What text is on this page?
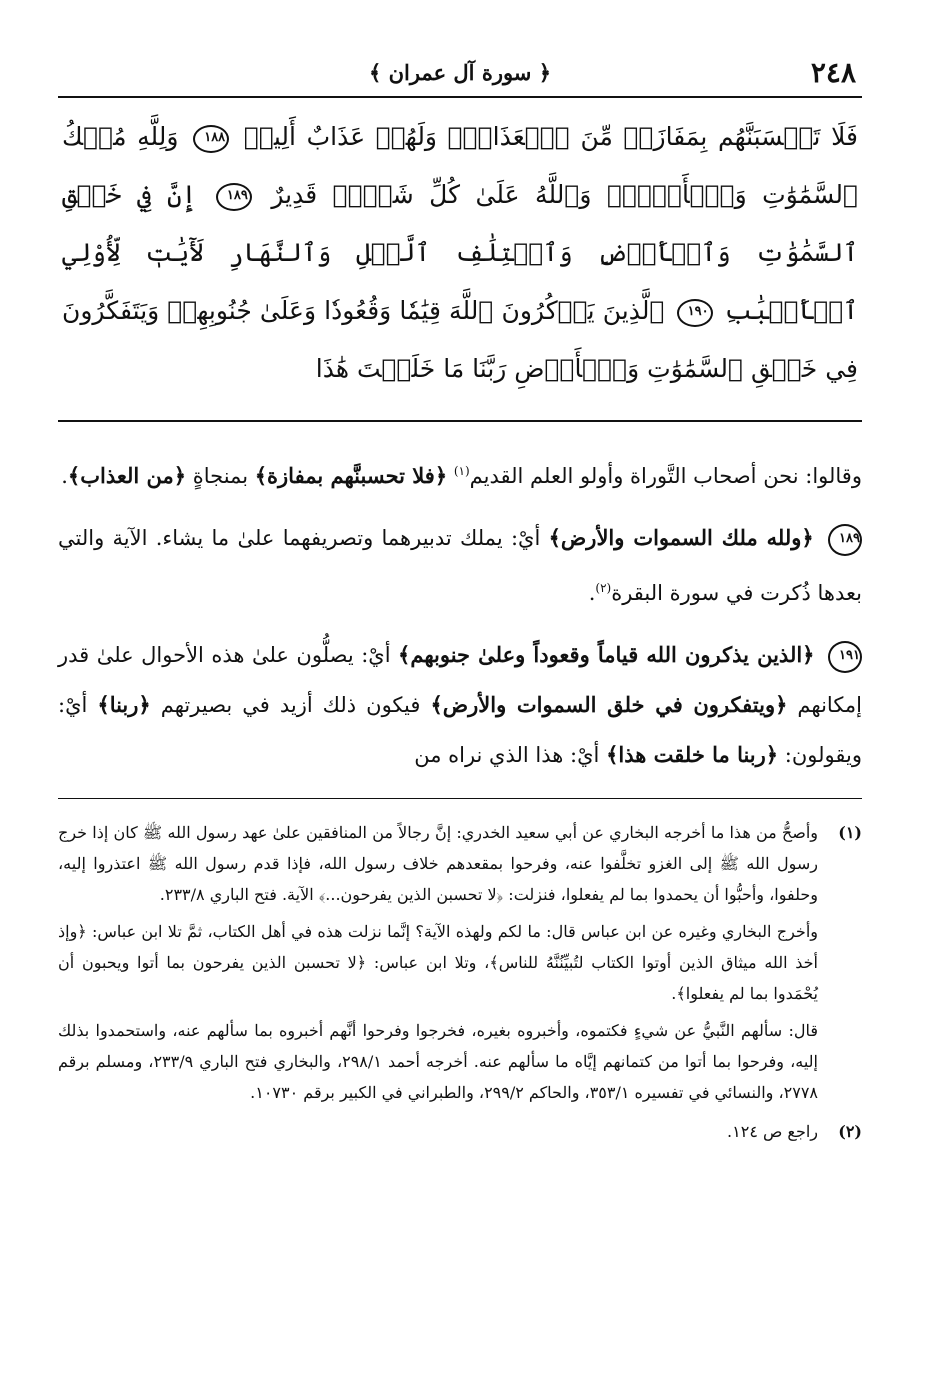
٢٤٨
﴿ سورة آل عمران ﴾
فَلَا تَحۡسَبَنَّهُم بِمَفَازَةٖ مِّنَ ٱلۡعَذَابِۖ وَلَهُمۡ عَذَابٌ أَلِيمٞ ١٨٨ وَلِلَّهِ مُلۡكُ ٱلسَّمَٰوَٰتِ وَٱلۡأَرۡضِۗ وَٱللَّهُ عَلَىٰ كُلِّ شَيۡءٖ قَدِيرٌ ١٨٩ إِنَّ فِي خَلۡقِ ٱلسَّمَٰوَٰتِ وَٱلۡأَرۡضِ وَٱخۡتِلَٰفِ ٱلَّيۡلِ وَٱلنَّهَارِ لَأٓيَٰتٖ لِّأُوْلِي ٱلۡأَلۡبَٰبِ ١٩٠ ٱلَّذِينَ يَذۡكُرُونَ ٱللَّهَ قِيَٰمٗا وَقُعُودٗا وَعَلَىٰ جُنُوبِهِمۡ وَيَتَفَكَّرُونَ فِي خَلۡقِ ٱلسَّمَٰوَٰتِ وَٱلۡأَرۡضِ رَبَّنَا مَا خَلَقۡتَ هَٰذَا

وقالوا: نحن أصحاب التَّوراة وأولو العلم القديم$^{(١)}$ ﴿فلا تحسبنَّهم بمفازة﴾ بمنجاةٍ ﴿من العذاب﴾.

١٨٩ ﴿ولله ملك السموات والأرض﴾ أيْ: يملك تدبيرهما وتصريفهما علىٰ ما يشاء. الآية والتي بعدها ذُكرت في سورة البقرة$^{(٢)}$.

١٩١ ﴿الذين يذكرون الله قياماً وقعوداً وعلىٰ جنوبهم﴾ أيْ: يصلُّون علىٰ هذه الأحوال علىٰ قدر إمكانهم ﴿ويتفكرون في خلق السموات والأرض﴾ فيكون ذلك أزيد في بصيرتهم ﴿ربنا﴾ أيْ: ويقولون: ﴿ربنا ما خلقت هذا﴾ أيْ: هذا الذي نراه من

(١)

وأصحُّ من هذا ما أخرجه البخاري عن أبي سعيد الخدري: إنَّ رجالاً من المنافقين علىٰ عهد رسول الله ﷺ كان إذا خرج رسول الله ﷺ إلى الغزو تخلَّفوا عنه، وفرحوا بمقعدهم خلاف رسول الله، فإذا قدم رسول الله ﷺ اعتذروا إليه، وحلفوا، وأحبُّوا أن يحمدوا بما لم يفعلوا، فنزلت: ﴿لا تحسبن الذين يفرحون...﴾ الآية. فتح الباري ٢٣٣/٨.

وأخرج البخاري وغيره عن ابن عباس قال: ما لكم ولهذه الآية؟ إنَّما نزلت هذه في أهل الكتاب، ثمَّ تلا ابن عباس: ﴿وإذ أخذ الله ميثاق الذين أوتوا الكتاب لتُبيِّنُنَّهُ للناس﴾، وتلا ابن عباس: ﴿لا تحسبن الذين يفرحون بما أتوا ويحبون أن يُحْمَدوا بما لم يفعلوا﴾.

قال: سألهم النَّبيُّ عن شيءٍ فكتموه، وأخبروه بغيره، فخرجوا وفرحوا أنَّهم أخبروه بما سألهم عنه، واستحمدوا بذلك إليه، وفرحوا بما أتوا من كتمانهم إيَّاه ما سألهم عنه. أخرجه أحمد ٢٩٨/١، والبخاري فتح الباري ٢٣٣/٩، ومسلم برقم ٢٧٧٨، والنسائي في تفسيره ٣٥٣/١، والحاكم ٢٩٩/٢، والطبراني في الكبير برقم ١٠٧٣٠.

(٢)

راجع ص ١٢٤.
